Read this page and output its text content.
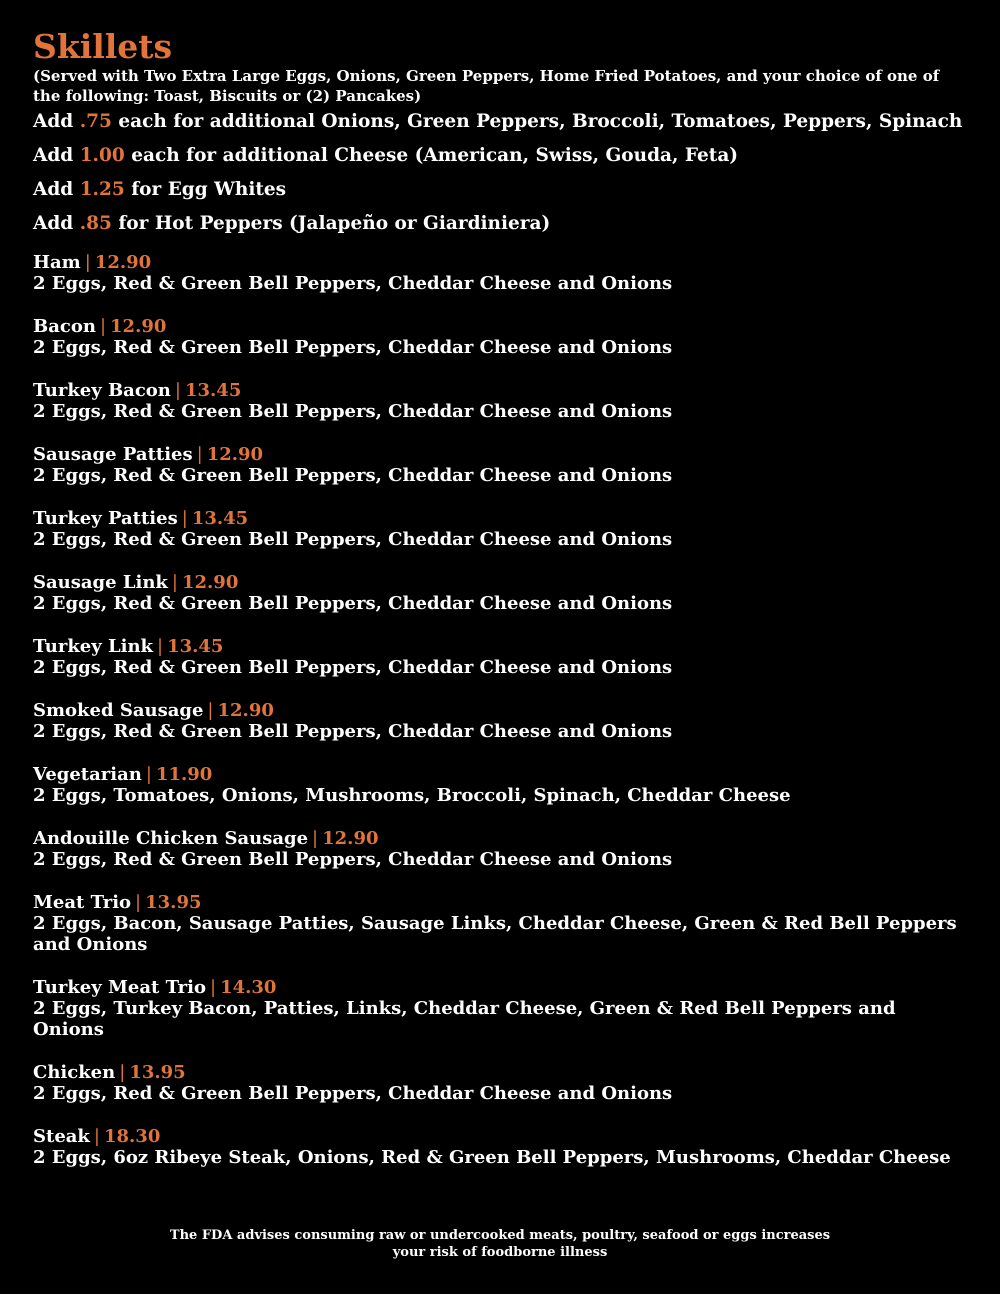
Skillets

(Served with Two Extra Large Eggs, Onions, Green Peppers, Home Fried Potatoes, and your choice of one of the following: Toast, Biscuits or (2) Pancakes)

Add .75 each for additional Onions, Green Peppers, Broccoli, Tomatoes, Peppers, Spinach
Add 1.00 each for additional Cheese (American, Swiss, Gouda, Feta)
Add 1.25 for Egg Whites
Add .85 for Hot Peppers (Jalapeño or Giardiniera)
Ham | 12.90
2 Eggs, Red & Green Bell Peppers, Cheddar Cheese and Onions
Bacon | 12.90
2 Eggs, Red & Green Bell Peppers, Cheddar Cheese and Onions
Turkey Bacon | 13.45
2 Eggs, Red & Green Bell Peppers, Cheddar Cheese and Onions
Sausage Patties | 12.90
2 Eggs, Red & Green Bell Peppers, Cheddar Cheese and Onions
Turkey Patties | 13.45
2 Eggs, Red & Green Bell Peppers, Cheddar Cheese and Onions
Sausage Link | 12.90
2 Eggs, Red & Green Bell Peppers, Cheddar Cheese and Onions
Turkey Link | 13.45
2 Eggs, Red & Green Bell Peppers, Cheddar Cheese and Onions
Smoked Sausage | 12.90
2 Eggs, Red & Green Bell Peppers, Cheddar Cheese and Onions
Vegetarian | 11.90
2 Eggs, Tomatoes, Onions, Mushrooms, Broccoli, Spinach, Cheddar Cheese
Andouille Chicken Sausage | 12.90
2 Eggs, Red & Green Bell Peppers, Cheddar Cheese and Onions
Meat Trio | 13.95
2 Eggs, Bacon, Sausage Patties, Sausage Links, Cheddar Cheese, Green & Red Bell Peppers and Onions
Turkey Meat Trio | 14.30
2 Eggs, Turkey Bacon, Patties, Links, Cheddar Cheese, Green & Red Bell Peppers and Onions
Chicken | 13.95
2 Eggs, Red & Green Bell Peppers, Cheddar Cheese and Onions
Steak | 18.30
2 Eggs, 6oz Ribeye Steak, Onions, Red & Green Bell Peppers, Mushrooms, Cheddar Cheese
The FDA advises consuming raw or undercooked meats, poultry, seafood or eggs increases
your risk of foodborne illness
